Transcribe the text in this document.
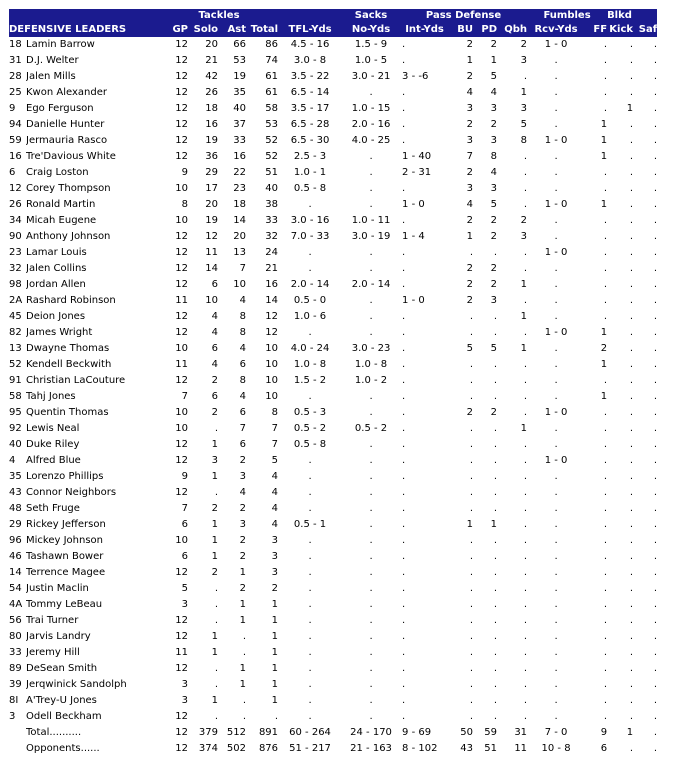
		Tackles					Sacks	Pass Defense				Fumbles		Blkd	
DEFENSIVE LEADERS		GP	Solo	Ast	Total	TFL-Yds	No-Yds	Int-Yds	BU	PD	Qbh	Rcv-Yds	FF	Kick	Saf
18	Lamin Barrow	12	20	66	86	4.5 - 16	1.5 - 9	.	2	2	2	1 - 0	.	.	.
31	D.J. Welter	12	21	53	74	3.0 - 8	1.0 - 5	.	1	1	3	.	.	.	.
28	Jalen Mills	12	42	19	61	3.5 - 22	3.0 - 21	3 - -6	2	5	.	.	.	.	.
25	Kwon Alexander	12	26	35	61	6.5 - 14	.	.	4	4	1	.	.	.	.
9	Ego Ferguson	12	18	40	58	3.5 - 17	1.0 - 15	.	3	3	3	.	.	1	.
94	Danielle Hunter	12	16	37	53	6.5 - 28	2.0 - 16	.	2	2	5	.	1	.	.
59	Jermauria Rasco	12	19	33	52	6.5 - 30	4.0 - 25	.	3	3	8	1 - 0	1	.	.
16	Tre'Davious White	12	36	16	52	2.5 - 3	.	1 - 40	7	8	.	.	1	.	.
6	Craig Loston	9	29	22	51	1.0 - 1	.	2 - 31	2	4	.	.	.	.	.
12	Corey Thompson	10	17	23	40	0.5 - 8	.	.	3	3	.	.	.	.	.
26	Ronald Martin	8	20	18	38	.	.	1 - 0	4	5	.	1 - 0	1	.	.
34	Micah Eugene	10	19	14	33	3.0 - 16	1.0 - 11	.	2	2	2	.	.	.	.
90	Anthony Johnson	12	12	20	32	7.0 - 33	3.0 - 19	1 - 4	1	2	3	.	.	.	.
23	Lamar Louis	12	11	13	24	.	.	.	.	.	.	1 - 0	.	.	.
32	Jalen Collins	12	14	7	21	.	.	.	2	2	.	.	.	.	.
98	Jordan Allen	12	6	10	16	2.0 - 14	2.0 - 14	.	2	2	1	.	.	.	.
2A	Rashard Robinson	11	10	4	14	0.5 - 0	.	1 - 0	2	3	.	.	.	.	.
45	Deion Jones	12	4	8	12	1.0 - 6	.	.	.	.	1	.	.	.	.
82	James Wright	12	4	8	12	.	.	.	.	.	.	1 - 0	1	.	.
13	Dwayne Thomas	10	6	4	10	4.0 - 24	3.0 - 23	.	5	5	1	.	2	.	.
52	Kendell Beckwith	11	4	6	10	1.0 - 8	1.0 - 8	.	.	.	.	.	1	.	.
91	Christian LaCouture	12	2	8	10	1.5 - 2	1.0 - 2	.	.	.	.	.	.	.	.
58	Tahj Jones	7	6	4	10	.	.	.	.	.	.	.	1	.	.
95	Quentin Thomas	10	2	6	8	0.5 - 3	.	.	2	2	.	1 - 0	.	.	.
92	Lewis Neal	10	.	7	7	0.5 - 2	0.5 - 2	.	.	.	1	.	.	.	.
40	Duke Riley	12	1	6	7	0.5 - 8	.	.	.	.	.	.	.	.	.
4	Alfred Blue	12	3	2	5	.	.	.	.	.	.	1 - 0	.	.	.
35	Lorenzo Phillips	9	1	3	4	.	.	.	.	.	.	.	.	.	.
43	Connor Neighbors	12	.	4	4	.	.	.	.	.	.	.	.	.	.
48	Seth Fruge	7	2	2	4	.	.	.	.	.	.	.	.	.	.
29	Rickey Jefferson	6	1	3	4	0.5 - 1	.	.	1	1	.	.	.	.	.
96	Mickey Johnson	10	1	2	3	.	.	.	.	.	.	.	.	.	.
46	Tashawn Bower	6	1	2	3	.	.	.	.	.	.	.	.	.	.
14	Terrence Magee	12	2	1	3	.	.	.	.	.	.	.	.	.	.
54	Justin Maclin	5	.	2	2	.	.	.	.	.	.	.	.	.	.
4A	Tommy LeBeau	3	.	1	1	.	.	.	.	.	.	.	.	.	.
56	Trai Turner	12	.	1	1	.	.	.	.	.	.	.	.	.	.
80	Jarvis Landry	12	1	.	1	.	.	.	.	.	.	.	.	.	.
33	Jeremy Hill	11	1	.	1	.	.	.	.	.	.	.	.	.	.
89	DeSean Smith	12	.	1	1	.	.	.	.	.	.	.	.	.	.
39	Jerqwinick Sandolph	3	.	1	1	.	.	.	.	.	.	.	.	.	.
8I	A'Trey-U Jones	3	1	.	1	.	.	.	.	.	.	.	.	.	.
3	Odell Beckham	12	.	.	.	.	.	.	.	.	.	.	.	.	.
	Total..........	12	379	512	891	60 - 264	24 - 170	9 - 69	50	59	31	7 - 0	9	1	.
	Opponents......	12	374	502	876	51 - 217	21 - 163	8 - 102	43	51	11	10 - 8	6	.	.
